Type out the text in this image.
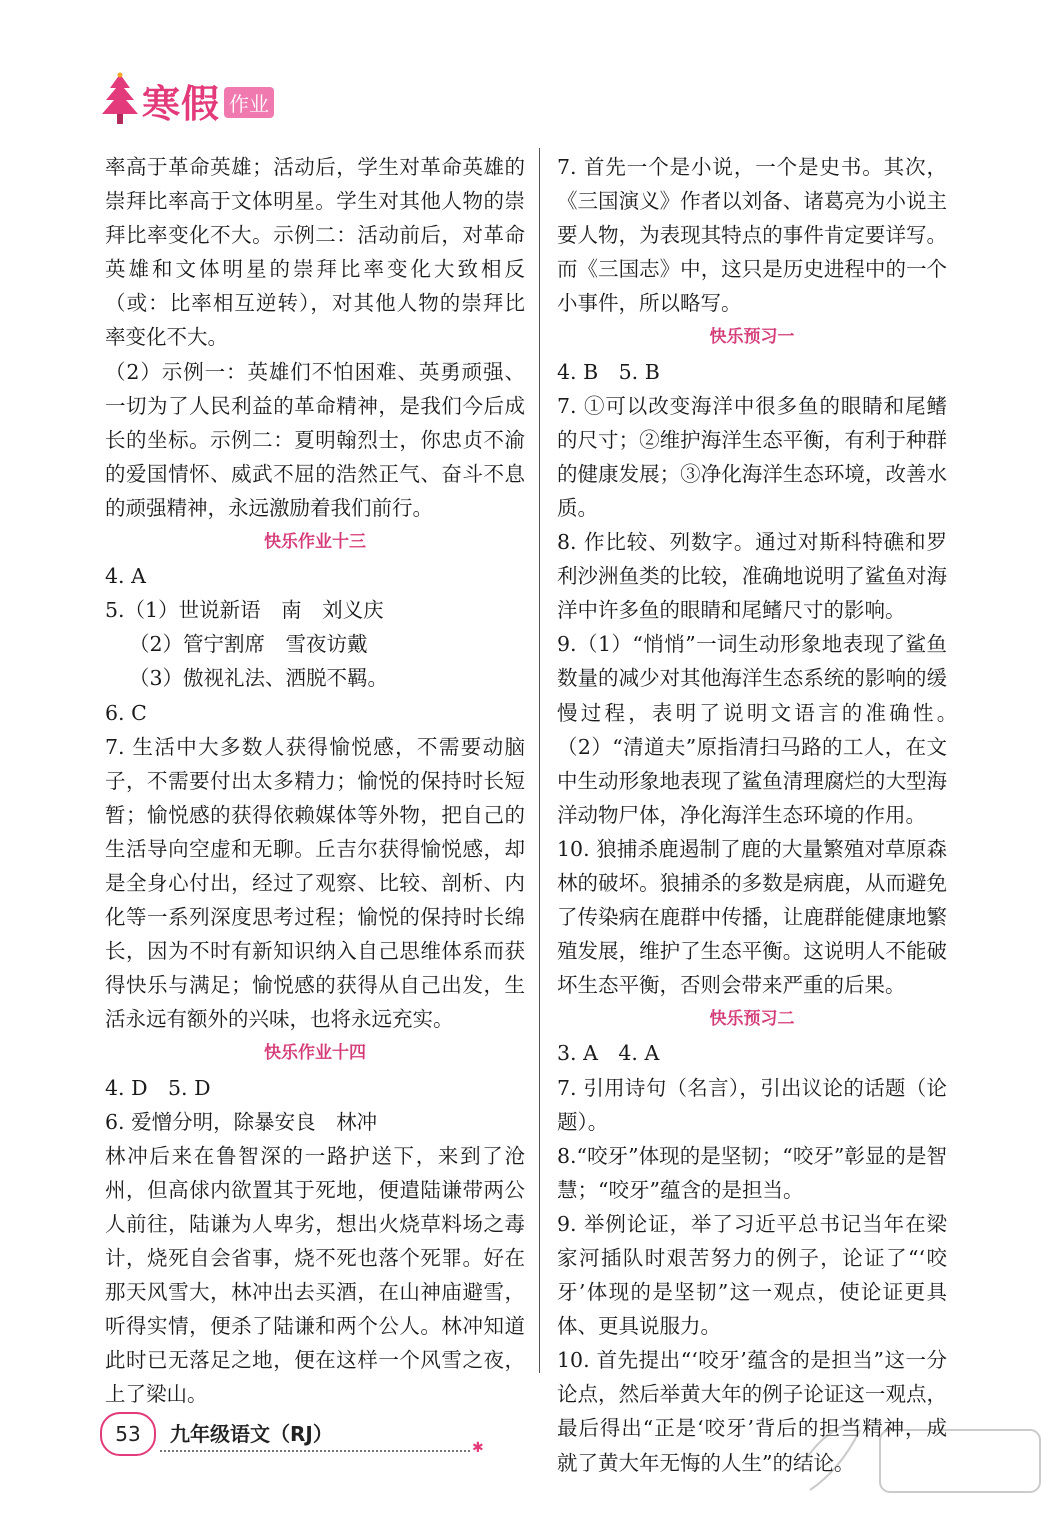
寒假 作业
率高于革命英雄；活动后，学生对革命英雄的崇拜比率高于文体明星。学生对其他人物的崇拜比率变化不大。示例二：活动前后，对革命英雄和文体明星的崇拜比率变化大致相反（或：比率相互逆转），对其他人物的崇拜比率变化不大。
（2）示例一：英雄们不怕困难、英勇顽强、一切为了人民利益的革命精神，是我们今后成长的坐标。示例二：夏明翰烈士，你忠贞不渝的爱国情怀、威武不屈的浩然正气、奋斗不息的顽强精神，永远激励着我们前行。
快乐作业十三
4. A
5.（1）世说新语　南　刘义庆
（2）管宁割席　雪夜访戴
（3）傲视礼法、洒脱不羁。
6. C
7. 生活中大多数人获得愉悦感，不需要动脑子，不需要付出太多精力；愉悦的保持时长短暂；愉悦感的获得依赖媒体等外物，把自己的生活导向空虚和无聊。丘吉尔获得愉悦感，却是全身心付出，经过了观察、比较、剖析、内化等一系列深度思考过程；愉悦的保持时长绵长，因为不时有新知识纳入自己思维体系而获得快乐与满足；愉悦感的获得从自己出发，生活永远有额外的兴味，也将永远充实。
快乐作业十四
4. D　5. D
6. 爱憎分明，除暴安良　林冲
林冲后来在鲁智深的一路护送下，来到了沧州，但高俅内欲置其于死地，便遣陆谦带两公人前往，陆谦为人卑劣，想出火烧草料场之毒计，烧死自会省事，烧不死也落个死罪。好在那天风雪大，林冲出去买酒，在山神庙避雪，听得实情，便杀了陆谦和两个公人。林冲知道此时已无落足之地，便在这样一个风雪之夜，上了梁山。
7. 首先一个是小说，一个是史书。其次，《三国演义》作者以刘备、诸葛亮为小说主要人物，为表现其特点的事件肯定要详写。而《三国志》中，这只是历史进程中的一个小事件，所以略写。
快乐预习一
4. B　5. B
7. ①可以改变海洋中很多鱼的眼睛和尾鳍的尺寸；②维护海洋生态平衡，有利于种群的健康发展；③净化海洋生态环境，改善水质。
8. 作比较、列数字。通过对斯科特礁和罗利沙洲鱼类的比较，准确地说明了鲨鱼对海洋中许多鱼的眼睛和尾鳍尺寸的影响。
9.（1）“悄悄”一词生动形象地表现了鲨鱼数量的减少对其他海洋生态系统的影响的缓慢过程，表明了说明文语言的准确性。　（2）“清道夫”原指清扫马路的工人，在文中生动形象地表现了鲨鱼清理腐烂的大型海洋动物尸体，净化海洋生态环境的作用。
10. 狼捕杀鹿遏制了鹿的大量繁殖对草原森林的破坏。狼捕杀的多数是病鹿，从而避免了传染病在鹿群中传播，让鹿群能健康地繁殖发展，维护了生态平衡。这说明人不能破坏生态平衡，否则会带来严重的后果。
快乐预习二
3. A　4. A
7. 引用诗句（名言），引出议论的话题（论题）。
8.“咬牙”体现的是坚韧；“咬牙”彰显的是智慧；“咬牙”蕴含的是担当。
9. 举例论证，举了习近平总书记当年在梁家河插队时艰苦努力的例子，论证了“‘咬牙’体现的是坚韧”这一观点，使论证更具体、更具说服力。
10. 首先提出“‘咬牙’蕴含的是担当”这一分论点，然后举黄大年的例子论证这一观点，最后得出“正是‘咬牙’背后的担当精神，成就了黄大年无悔的人生”的结论。
53	九年级语文（RJ）
✱
